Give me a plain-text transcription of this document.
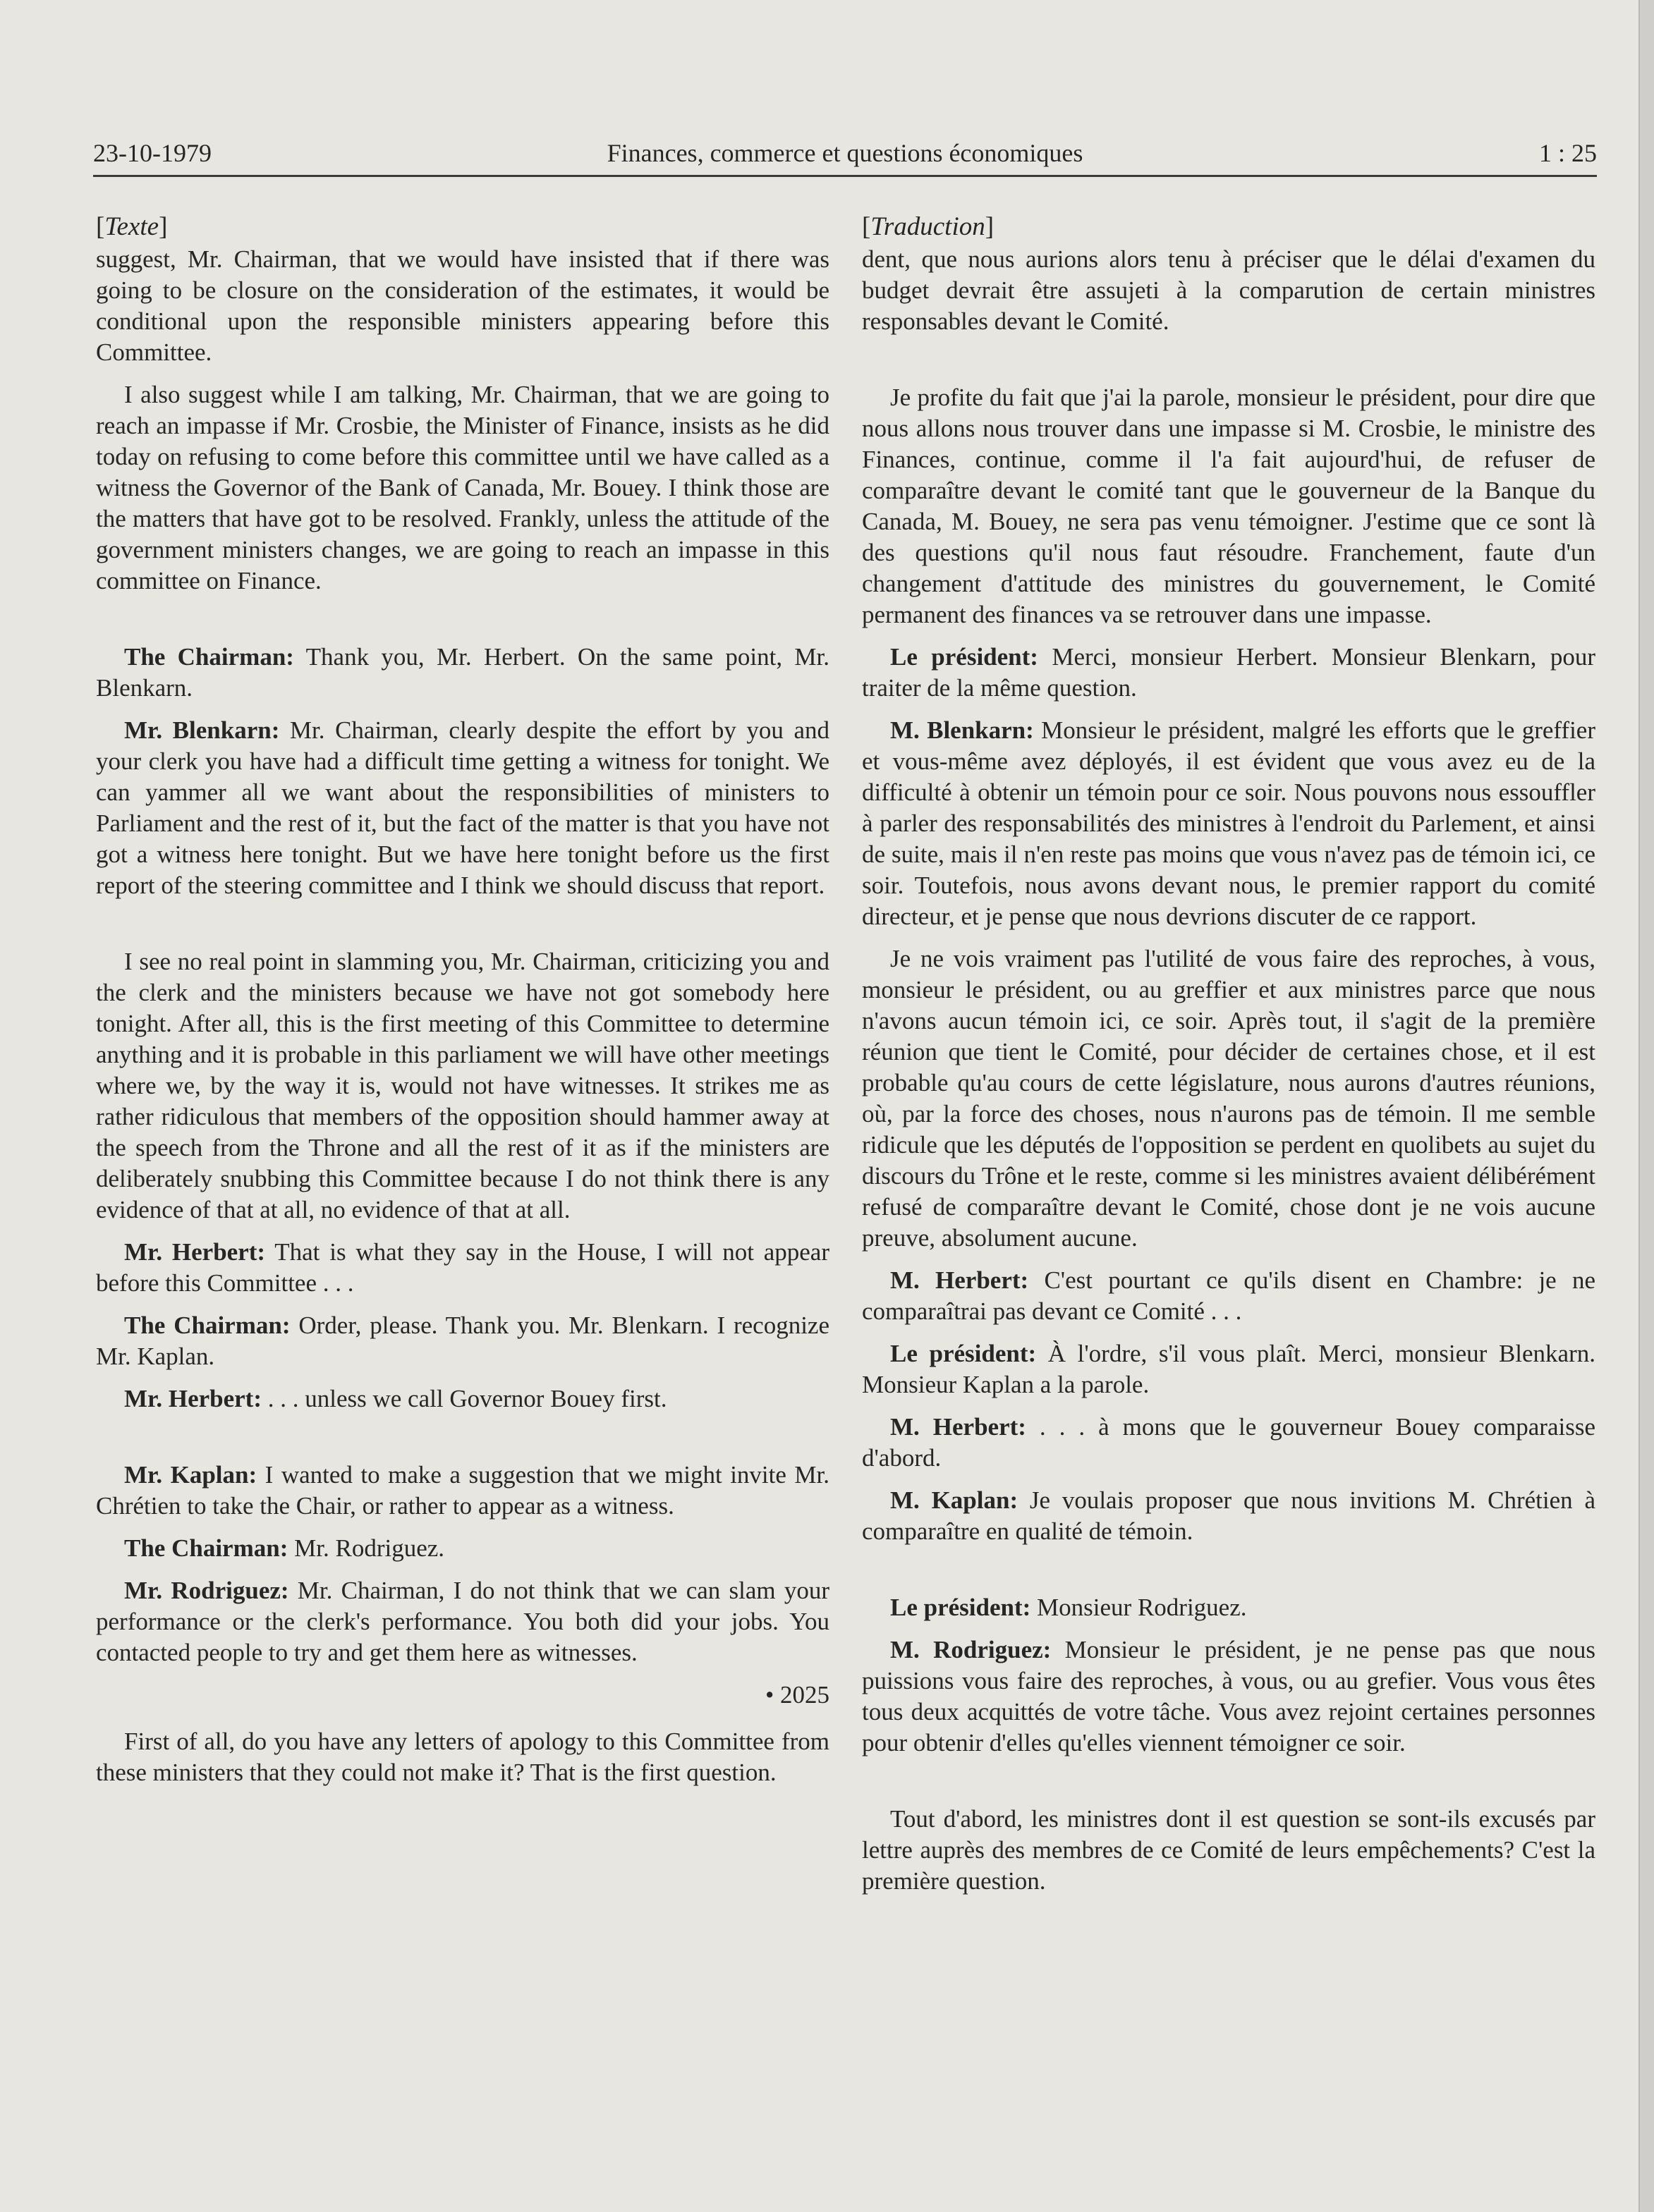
23-10-1979	Finances, commerce et questions économiques	1 : 25
[Texte]

suggest, Mr. Chairman, that we would have insisted that if there was going to be closure on the consideration of the estimates, it would be conditional upon the responsible ministers appearing before this Committee.

I also suggest while I am talking, Mr. Chairman, that we are going to reach an impasse if Mr. Crosbie, the Minister of Finance, insists as he did today on refusing to come before this committee until we have called as a witness the Governor of the Bank of Canada, Mr. Bouey. I think those are the matters that have got to be resolved. Frankly, unless the attitude of the government ministers changes, we are going to reach an impasse in this committee on Finance.

The Chairman: Thank you, Mr. Herbert. On the same point, Mr. Blenkarn.

Mr. Blenkarn: Mr. Chairman, clearly despite the effort by you and your clerk you have had a difficult time getting a witness for tonight. We can yammer all we want about the responsibilities of ministers to Parliament and the rest of it, but the fact of the matter is that you have not got a witness here tonight. But we have here tonight before us the first report of the steering committee and I think we should discuss that report.

I see no real point in slamming you, Mr. Chairman, criticizing you and the clerk and the ministers because we have not got somebody here tonight. After all, this is the first meeting of this Committee to determine anything and it is probable in this parliament we will have other meetings where we, by the way it is, would not have witnesses. It strikes me as rather ridiculous that members of the opposition should hammer away at the speech from the Throne and all the rest of it as if the ministers are deliberately snubbing this Committee because I do not think there is any evidence of that at all, no evidence of that at all.

Mr. Herbert: That is what they say in the House, I will not appear before this Committee . . .

The Chairman: Order, please. Thank you. Mr. Blenkarn. I recognize Mr. Kaplan.

Mr. Herbert: . . . unless we call Governor Bouey first.

Mr. Kaplan: I wanted to make a suggestion that we might invite Mr. Chrétien to take the Chair, or rather to appear as a witness.

The Chairman: Mr. Rodriguez.

Mr. Rodriguez: Mr. Chairman, I do not think that we can slam your performance or the clerk's performance. You both did your jobs. You contacted people to try and get them here as witnesses.

• 2025

First of all, do you have any letters of apology to this Committee from these ministers that they could not make it? That is the first question.

[Traduction]

dent, que nous aurions alors tenu à préciser que le délai d'examen du budget devrait être assujeti à la comparution de certain ministres responsables devant le Comité.

Je profite du fait que j'ai la parole, monsieur le président, pour dire que nous allons nous trouver dans une impasse si M. Crosbie, le ministre des Finances, continue, comme il l'a fait aujourd'hui, de refuser de comparaître devant le comité tant que le gouverneur de la Banque du Canada, M. Bouey, ne sera pas venu témoigner. J'estime que ce sont là des questions qu'il nous faut résoudre. Franchement, faute d'un changement d'attitude des ministres du gouvernement, le Comité permanent des finances va se retrouver dans une impasse.

Le président: Merci, monsieur Herbert. Monsieur Blenkarn, pour traiter de la même question.

M. Blenkarn: Monsieur le président, malgré les efforts que le greffier et vous-même avez déployés, il est évident que vous avez eu de la difficulté à obtenir un témoin pour ce soir. Nous pouvons nous essouffler à parler des responsabilités des ministres à l'endroit du Parlement, et ainsi de suite, mais il n'en reste pas moins que vous n'avez pas de témoin ici, ce soir. Toutefois, nous avons devant nous, le premier rapport du comité directeur, et je pense que nous devrions discuter de ce rapport.

Je ne vois vraiment pas l'utilité de vous faire des reproches, à vous, monsieur le président, ou au greffier et aux ministres parce que nous n'avons aucun témoin ici, ce soir. Après tout, il s'agit de la première réunion que tient le Comité, pour décider de certaines chose, et il est probable qu'au cours de cette législature, nous aurons d'autres réunions, où, par la force des choses, nous n'aurons pas de témoin. Il me semble ridicule que les députés de l'opposition se perdent en quolibets au sujet du discours du Trône et le reste, comme si les ministres avaient délibérément refusé de comparaître devant le Comité, chose dont je ne vois aucune preuve, absolument aucune.

M. Herbert: C'est pourtant ce qu'ils disent en Chambre: je ne comparaîtrai pas devant ce Comité . . .

Le président: À l'ordre, s'il vous plaît. Merci, monsieur Blenkarn. Monsieur Kaplan a la parole.

M. Herbert: . . . à mons que le gouverneur Bouey comparaisse d'abord.

M. Kaplan: Je voulais proposer que nous invitions M. Chrétien à comparaître en qualité de témoin.

Le président: Monsieur Rodriguez.

M. Rodriguez: Monsieur le président, je ne pense pas que nous puissions vous faire des reproches, à vous, ou au grefier. Vous vous êtes tous deux acquittés de votre tâche. Vous avez rejoint certaines personnes pour obtenir d'elles qu'elles viennent témoigner ce soir.

Tout d'abord, les ministres dont il est question se sont-ils excusés par lettre auprès des membres de ce Comité de leurs empêchements? C'est la première question.
